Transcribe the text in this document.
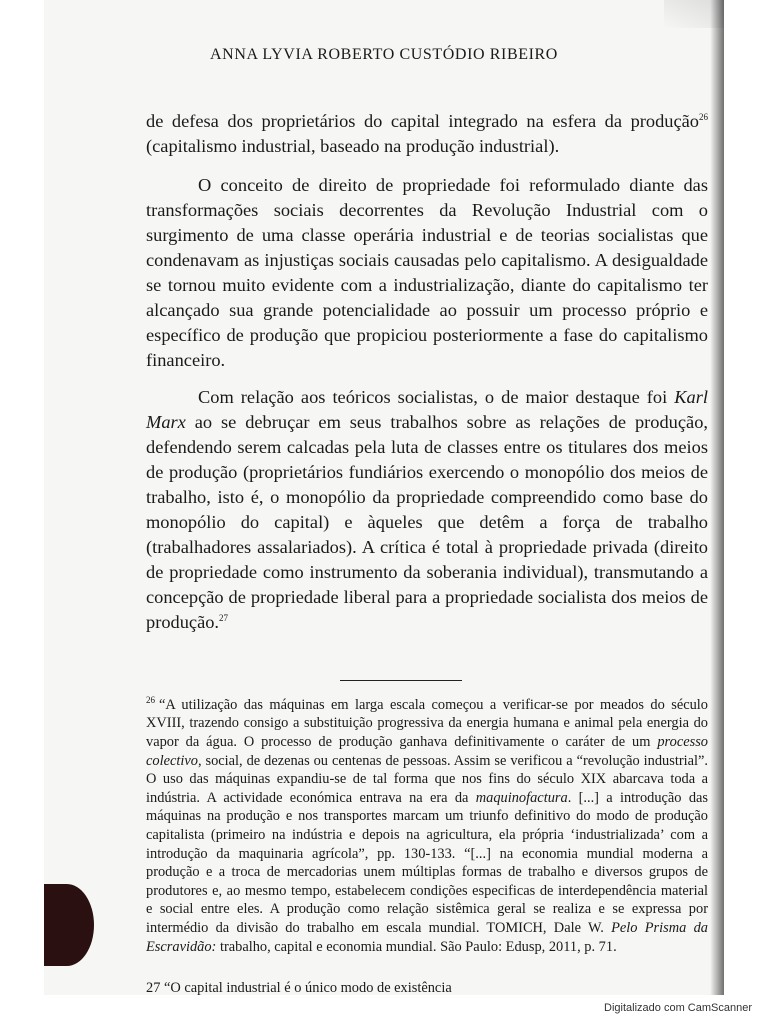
ANNA LYVIA ROBERTO CUSTÓDIO RIBEIRO

de defesa dos proprietários do capital integrado na esfera da produção$^{26}$ (capitalismo industrial, baseado na produção industrial).

O conceito de direito de propriedade foi reformulado diante das transformações sociais decorrentes da Revolução Industrial com o surgimento de uma classe operária industrial e de teorias socialistas que condenavam as injustiças sociais causadas pelo capitalismo. A desigualdade se tornou muito evidente com a industrialização, diante do capitalismo ter alcançado sua grande potencialidade ao possuir um processo próprio e específico de produção que propiciou posteriormente a fase do capitalismo financeiro.

Com relação aos teóricos socialistas, o de maior destaque foi Karl Marx ao se debruçar em seus trabalhos sobre as relações de produção, defendendo serem calcadas pela luta de classes entre os titulares dos meios de produção (proprietários fundiários exercendo o monopólio dos meios de trabalho, isto é, o monopólio da propriedade compreendido como base do monopólio do capital) e àqueles que detêm a força de trabalho (trabalhadores assalariados). A crítica é total à propriedade privada (direito de propriedade como instrumento da soberania individual), transmutando a concepção de propriedade liberal para a propriedade socialista dos meios de produção.$^{27}$

$^{26}$ “A utilização das máquinas em larga escala começou a verificar-se por meados do século XVIII, trazendo consigo a substituição progressiva da energia humana e animal pela energia do vapor da água. O processo de produção ganhava definitivamente o caráter de um processo colectivo, social, de dezenas ou centenas de pessoas. Assim se verificou a “revolução industrial”. O uso das máquinas expandiu-se de tal forma que nos fins do século XIX abarcava toda a indústria. A actividade económica entrava na era da maquinofactura. [...] a introdução das máquinas na produção e nos transportes marcam um triunfo definitivo do modo de produção capitalista (primeiro na indústria e depois na agricultura, ela própria ‘industrializada’ com a introdução da maquinaria agrícola”, pp. 130-133. “[...] na economia mundial moderna a produção e a troca de mercadorias unem múltiplas formas de trabalho e diversos grupos de produtores e, ao mesmo tempo, estabelecem condições especificas de interdependência material e social entre eles. A produção como relação sistêmica geral se realiza e se expressa por intermédio da divisão do trabalho em escala mundial. TOMICH, Dale W. Pelo Prisma da Escravidão: trabalho, capital e economia mundial. São Paulo: Edusp, 2011, p. 71.

27 “O capital industrial é o único modo de existência
Digitalizado com CamScanner
